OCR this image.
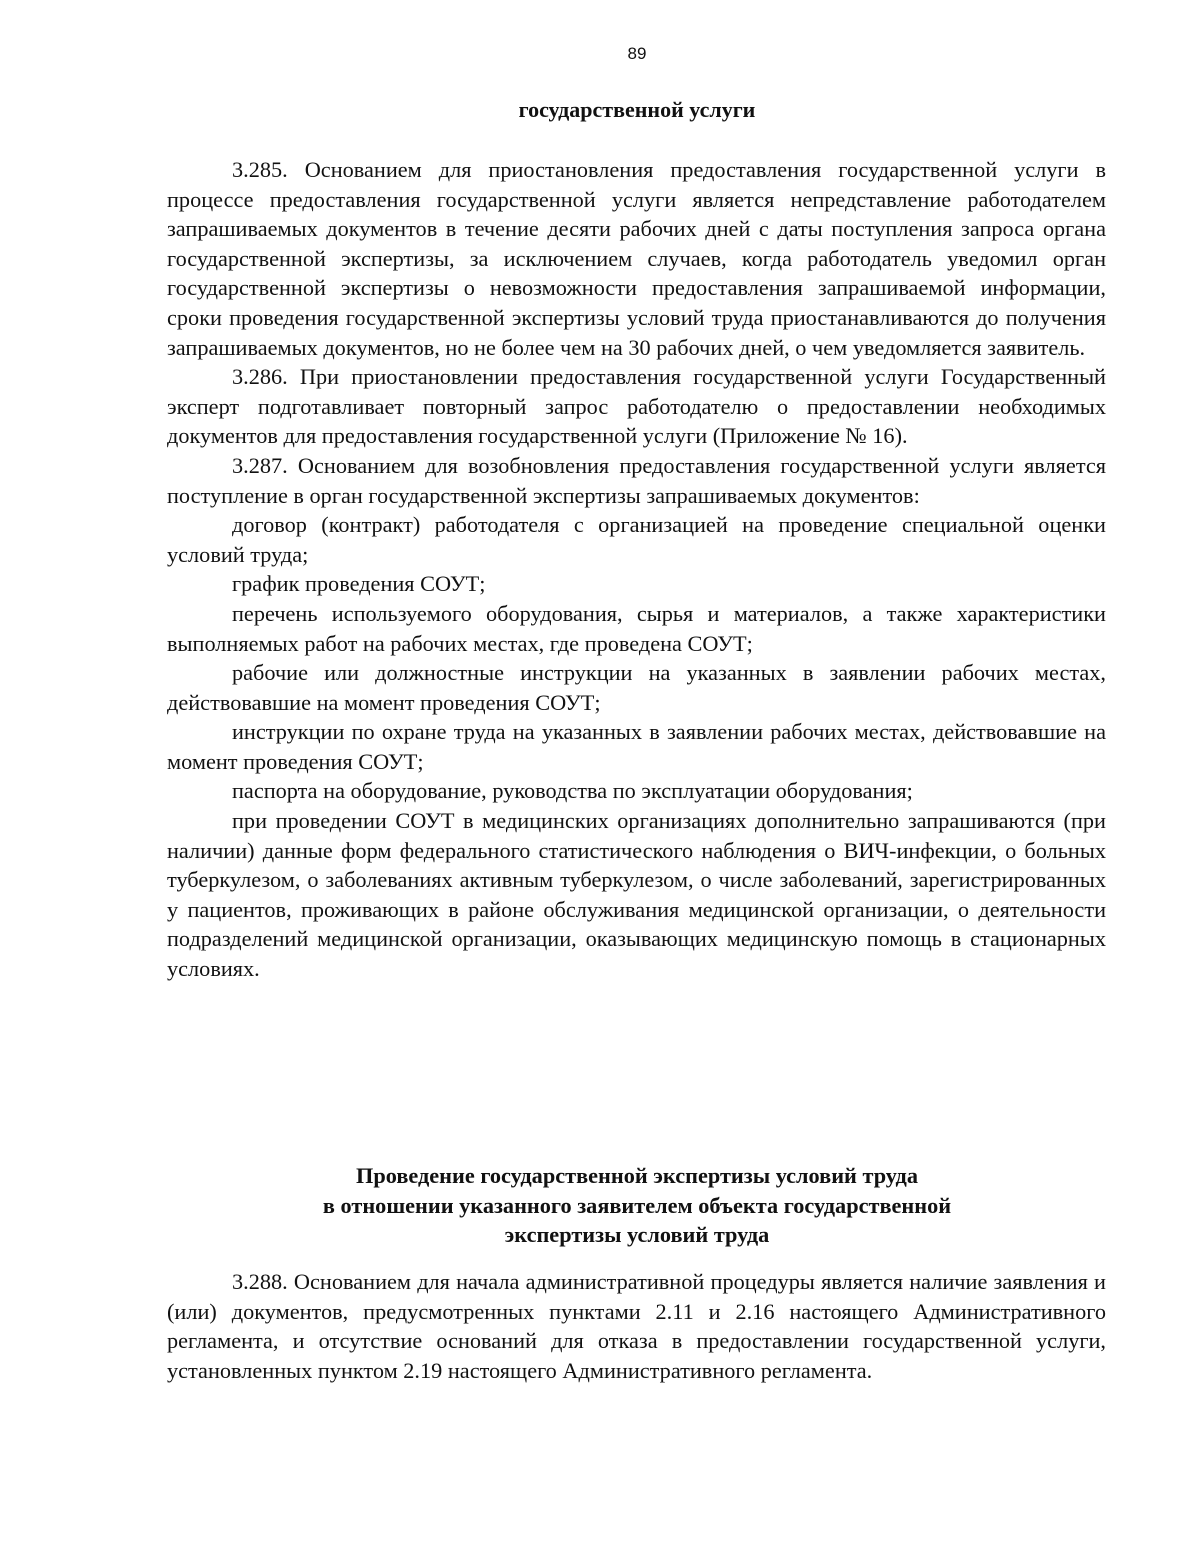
89
государственной услуги

3.285. Основанием для приостановления предоставления государственной услуги в процессе предоставления государственной услуги является непредставление работодателем запрашиваемых документов в течение десяти рабочих дней с даты поступления запроса органа государственной экспертизы, за исключением случаев, когда работодатель уведомил орган государственной экспертизы о невозможности предоставления запрашиваемой информации, сроки проведения государственной экспертизы условий труда приостанавливаются до получения запрашиваемых документов, но не более чем на 30 рабочих дней, о чем уведомляется заявитель.

3.286. При приостановлении предоставления государственной услуги Государственный эксперт подготавливает повторный запрос работодателю о предоставлении необходимых документов для предоставления государственной услуги (Приложение № 16).

3.287. Основанием для возобновления предоставления государственной услуги является поступление в орган государственной экспертизы запрашиваемых документов:

договор (контракт) работодателя с организацией на проведение специальной оценки условий труда;

график проведения СОУТ;

перечень используемого оборудования, сырья и материалов, а также характеристики выполняемых работ на рабочих местах, где проведена СОУТ;

рабочие или должностные инструкции на указанных в заявлении рабочих местах, действовавшие на момент проведения СОУТ;

инструкции по охране труда на указанных в заявлении рабочих местах, действовавшие на момент проведения СОУТ;

паспорта на оборудование, руководства по эксплуатации оборудования;

при проведении СОУТ в медицинских организациях дополнительно запрашиваются (при наличии) данные форм федерального статистического наблюдения о ВИЧ-инфекции, о больных туберкулезом, о заболеваниях активным туберкулезом, о числе заболеваний, зарегистрированных у пациентов, проживающих в районе обслуживания медицинской организации, о деятельности подразделений медицинской организации, оказывающих медицинскую помощь в стационарных условиях.

Проведение государственной экспертизы условий труда
в отношении указанного заявителем объекта государственной
экспертизы условий труда

3.288. Основанием для начала административной процедуры является наличие заявления и (или) документов, предусмотренных пунктами 2.11 и 2.16 настоящего Административного регламента, и отсутствие оснований для отказа в предоставлении государственной услуги, установленных пунктом 2.19 настоящего Административного регламента.
